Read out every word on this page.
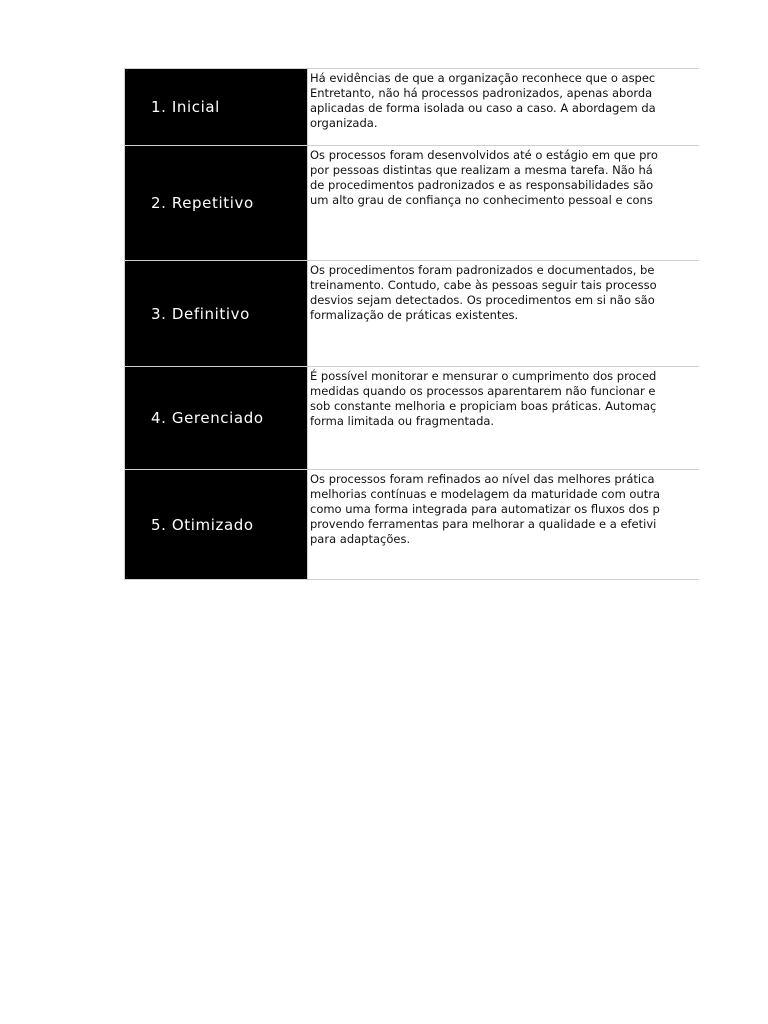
1. Inicial
Há evidências de que a organização reconhece que o aspec
Entretanto, não há processos padronizados, apenas aborda
aplicadas de forma isolada ou caso a caso. A abordagem da
organizada.
2. Repetitivo
Os processos foram desenvolvidos até o estágio em que pro
por pessoas distintas que realizam a mesma tarefa. Não há
de procedimentos padronizados e as responsabilidades são
um alto grau de confiança no conhecimento pessoal e cons
3. Definitivo
Os procedimentos foram padronizados e documentados, be
treinamento. Contudo, cabe às pessoas seguir tais processo
desvios sejam detectados. Os procedimentos em si não são
formalização de práticas existentes.
4. Gerenciado
É possível monitorar e mensurar o cumprimento dos proced
medidas quando os processos aparentarem não funcionar e
sob constante melhoria e propiciam boas práticas. Automaç
forma limitada ou fragmentada.
5. Otimizado
Os processos foram refinados ao nível das melhores prática
melhorias contínuas e modelagem da maturidade com outra
como uma forma integrada para automatizar os fluxos dos p
provendo ferramentas para melhorar a qualidade e a efetivi
para adaptações.
